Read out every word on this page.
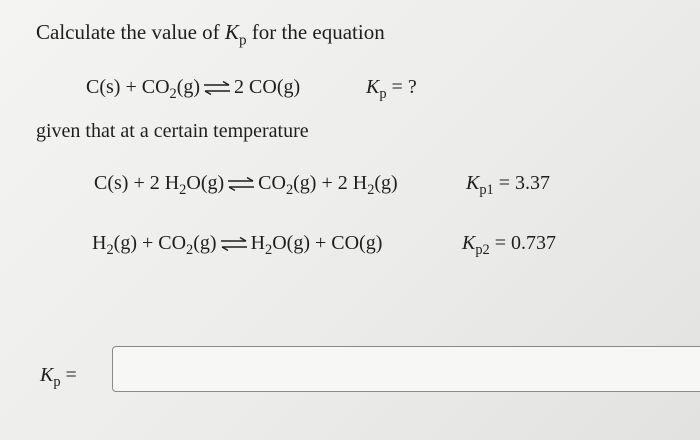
Calculate the value of $K_p$ for the equation
$C(s) + CO_2(g)$ ⇌ 2 CO(g)	$K_p$ = ?
given that at a certain temperature
C(s) + 2 $H_2O(g)$ ⇌ $CO_2(g) + 2$ $H_2(g)$	$K_{p1} = 3.37$
$H_2(g) + CO_2(g)$ ⇌ $H_2O(g) + CO(g)$	$K_{p2} = 0.737$
$K_p$ =
